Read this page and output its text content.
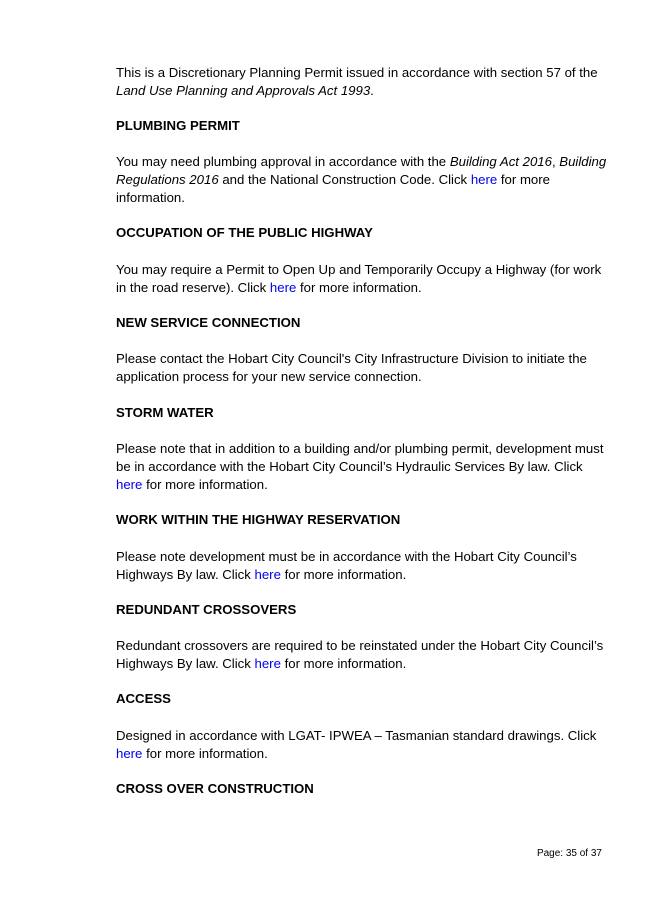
This is a Discretionary Planning Permit issued in accordance with section 57 of the Land Use Planning and Approvals Act 1993.

PLUMBING PERMIT

You may need plumbing approval in accordance with the Building Act 2016, Building Regulations 2016 and the National Construction Code. Click here for more information.

OCCUPATION OF THE PUBLIC HIGHWAY

You may require a Permit to Open Up and Temporarily Occupy a Highway (for work in the road reserve). Click here for more information.

NEW SERVICE CONNECTION

Please contact the Hobart City Council's City Infrastructure Division to initiate the application process for your new service connection.

STORM WATER

Please note that in addition to a building and/or plumbing permit, development must be in accordance with the Hobart City Council’s Hydraulic Services By law. Click here for more information.

WORK WITHIN THE HIGHWAY RESERVATION

Please note development must be in accordance with the Hobart City Council’s Highways By law. Click here for more information.

REDUNDANT CROSSOVERS

Redundant crossovers are required to be reinstated under the Hobart City Council’s Highways By law. Click here for more information.

ACCESS

Designed in accordance with LGAT- IPWEA – Tasmanian standard drawings. Click here for more information.

CROSS OVER CONSTRUCTION
Page: 35 of 37
